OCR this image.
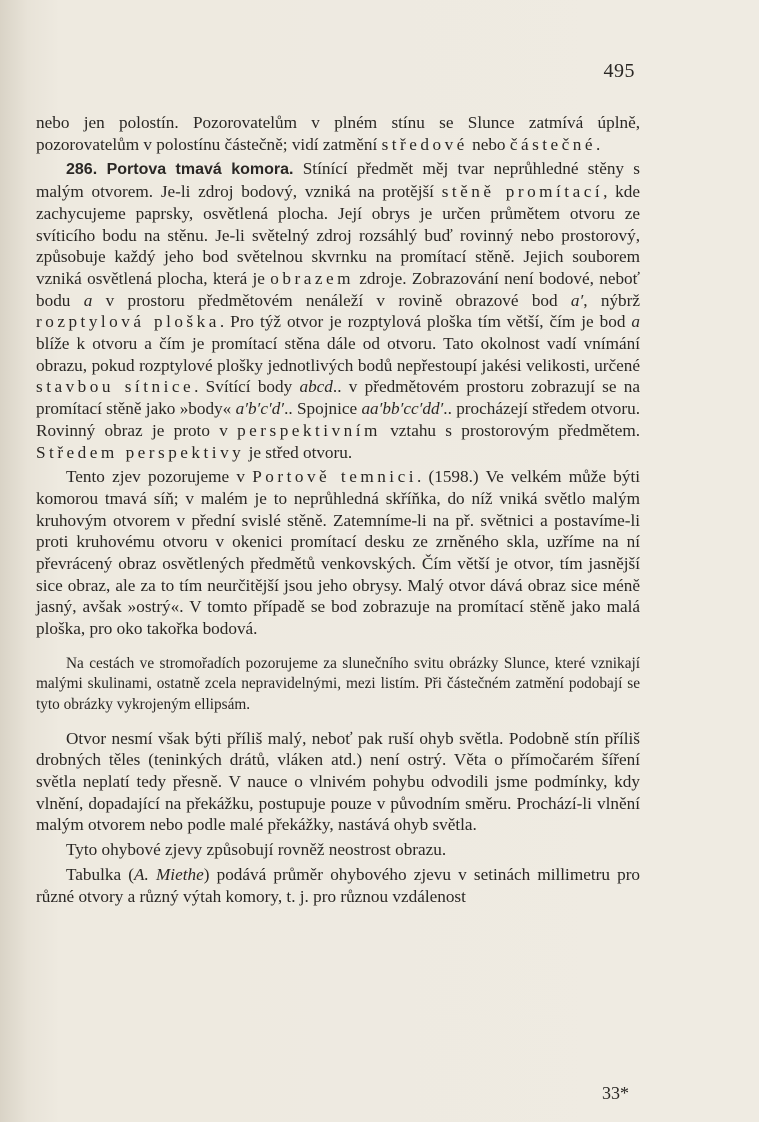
495

nebo jen polostín. Pozorovatelům v plném stínu se Slunce zatmívá úplně, pozorovatelům v polostínu částečně; vidí zatmění středové nebo částečné.

286. Portova tmavá komora. Stínící předmět měj tvar neprůhledné stěny s malým otvorem. Je-li zdroj bodový, vzniká na protější stěně promítací, kde zachycujeme paprsky, osvětlená plocha. Její obrys je určen průmětem otvoru ze svíticího bodu na stěnu. Je-li světelný zdroj rozsáhlý buď rovinný nebo prostorový, způsobuje každý jeho bod světelnou skvrnku na promítací stěně. Jejich souborem vzniká osvětlená plocha, která je obrazem zdroje. Zobrazování není bodové, neboť bodu a v prostoru předmětovém nenáleží v rovině obrazové bod a′, nýbrž rozptylová ploška. Pro týž otvor je rozptylová ploška tím větší, čím je bod a blíže k otvoru a čím je promítací stěna dále od otvoru. Tato okolnost vadí vnímání obrazu, pokud rozptylové plošky jednotlivých bodů nepřestoupí jakési velikosti, určené stavbou sítnice. Svítící body abcd.. v předmětovém prostoru zobrazují se na promítací stěně jako »body« a′b′c′d′.. Spojnice aa′bb′cc′dd′.. procházejí středem otvoru. Rovinný obraz je proto v perspektivním vztahu s prostorovým předmětem. Středem perspektivy je střed otvoru.

Tento zjev pozorujeme v Portově temnici. (1598.) Ve velkém může býti komorou tmavá síň; v malém je to neprůhledná skříňka, do níž vniká světlo malým kruhovým otvorem v přední svislé stěně. Zatemníme-li na př. světnici a postavíme-li proti kruhovému otvoru v okenici promítací desku ze zrněného skla, uzříme na ní převrácený obraz osvětlených předmětů venkovských. Čím větší je otvor, tím jasnější sice obraz, ale za to tím neurčitější jsou jeho obrysy. Malý otvor dává obraz sice méně jasný, avšak »ostrý«. V tomto případě se bod zobrazuje na promítací stěně jako malá ploška, pro oko takořka bodová.

Na cestách ve stromořadích pozorujeme za slunečního svitu obrázky Slunce, které vznikají malými skulinami, ostatně zcela nepravidelnými, mezi listím. Při částečném zatmění podobají se tyto obrázky vykrojeným ellipsám.

Otvor nesmí však býti příliš malý, neboť pak ruší ohyb světla. Podobně stín příliš drobných těles (teninkých drátů, vláken atd.) není ostrý. Věta o přímočarém šíření světla neplatí tedy přesně. V nauce o vlnivém pohybu odvodili jsme podmínky, kdy vlnění, dopadající na překážku, postupuje pouze v původním směru. Prochází-li vlnění malým otvorem nebo podle malé překážky, nastává ohyb světla.

Tyto ohybové zjevy způsobují rovněž neostrost obrazu.

Tabulka (A. Miethe) podává průměr ohybového zjevu v setinách millimetru pro různé otvory a různý výtah komory, t. j. pro různou vzdálenost

33*
